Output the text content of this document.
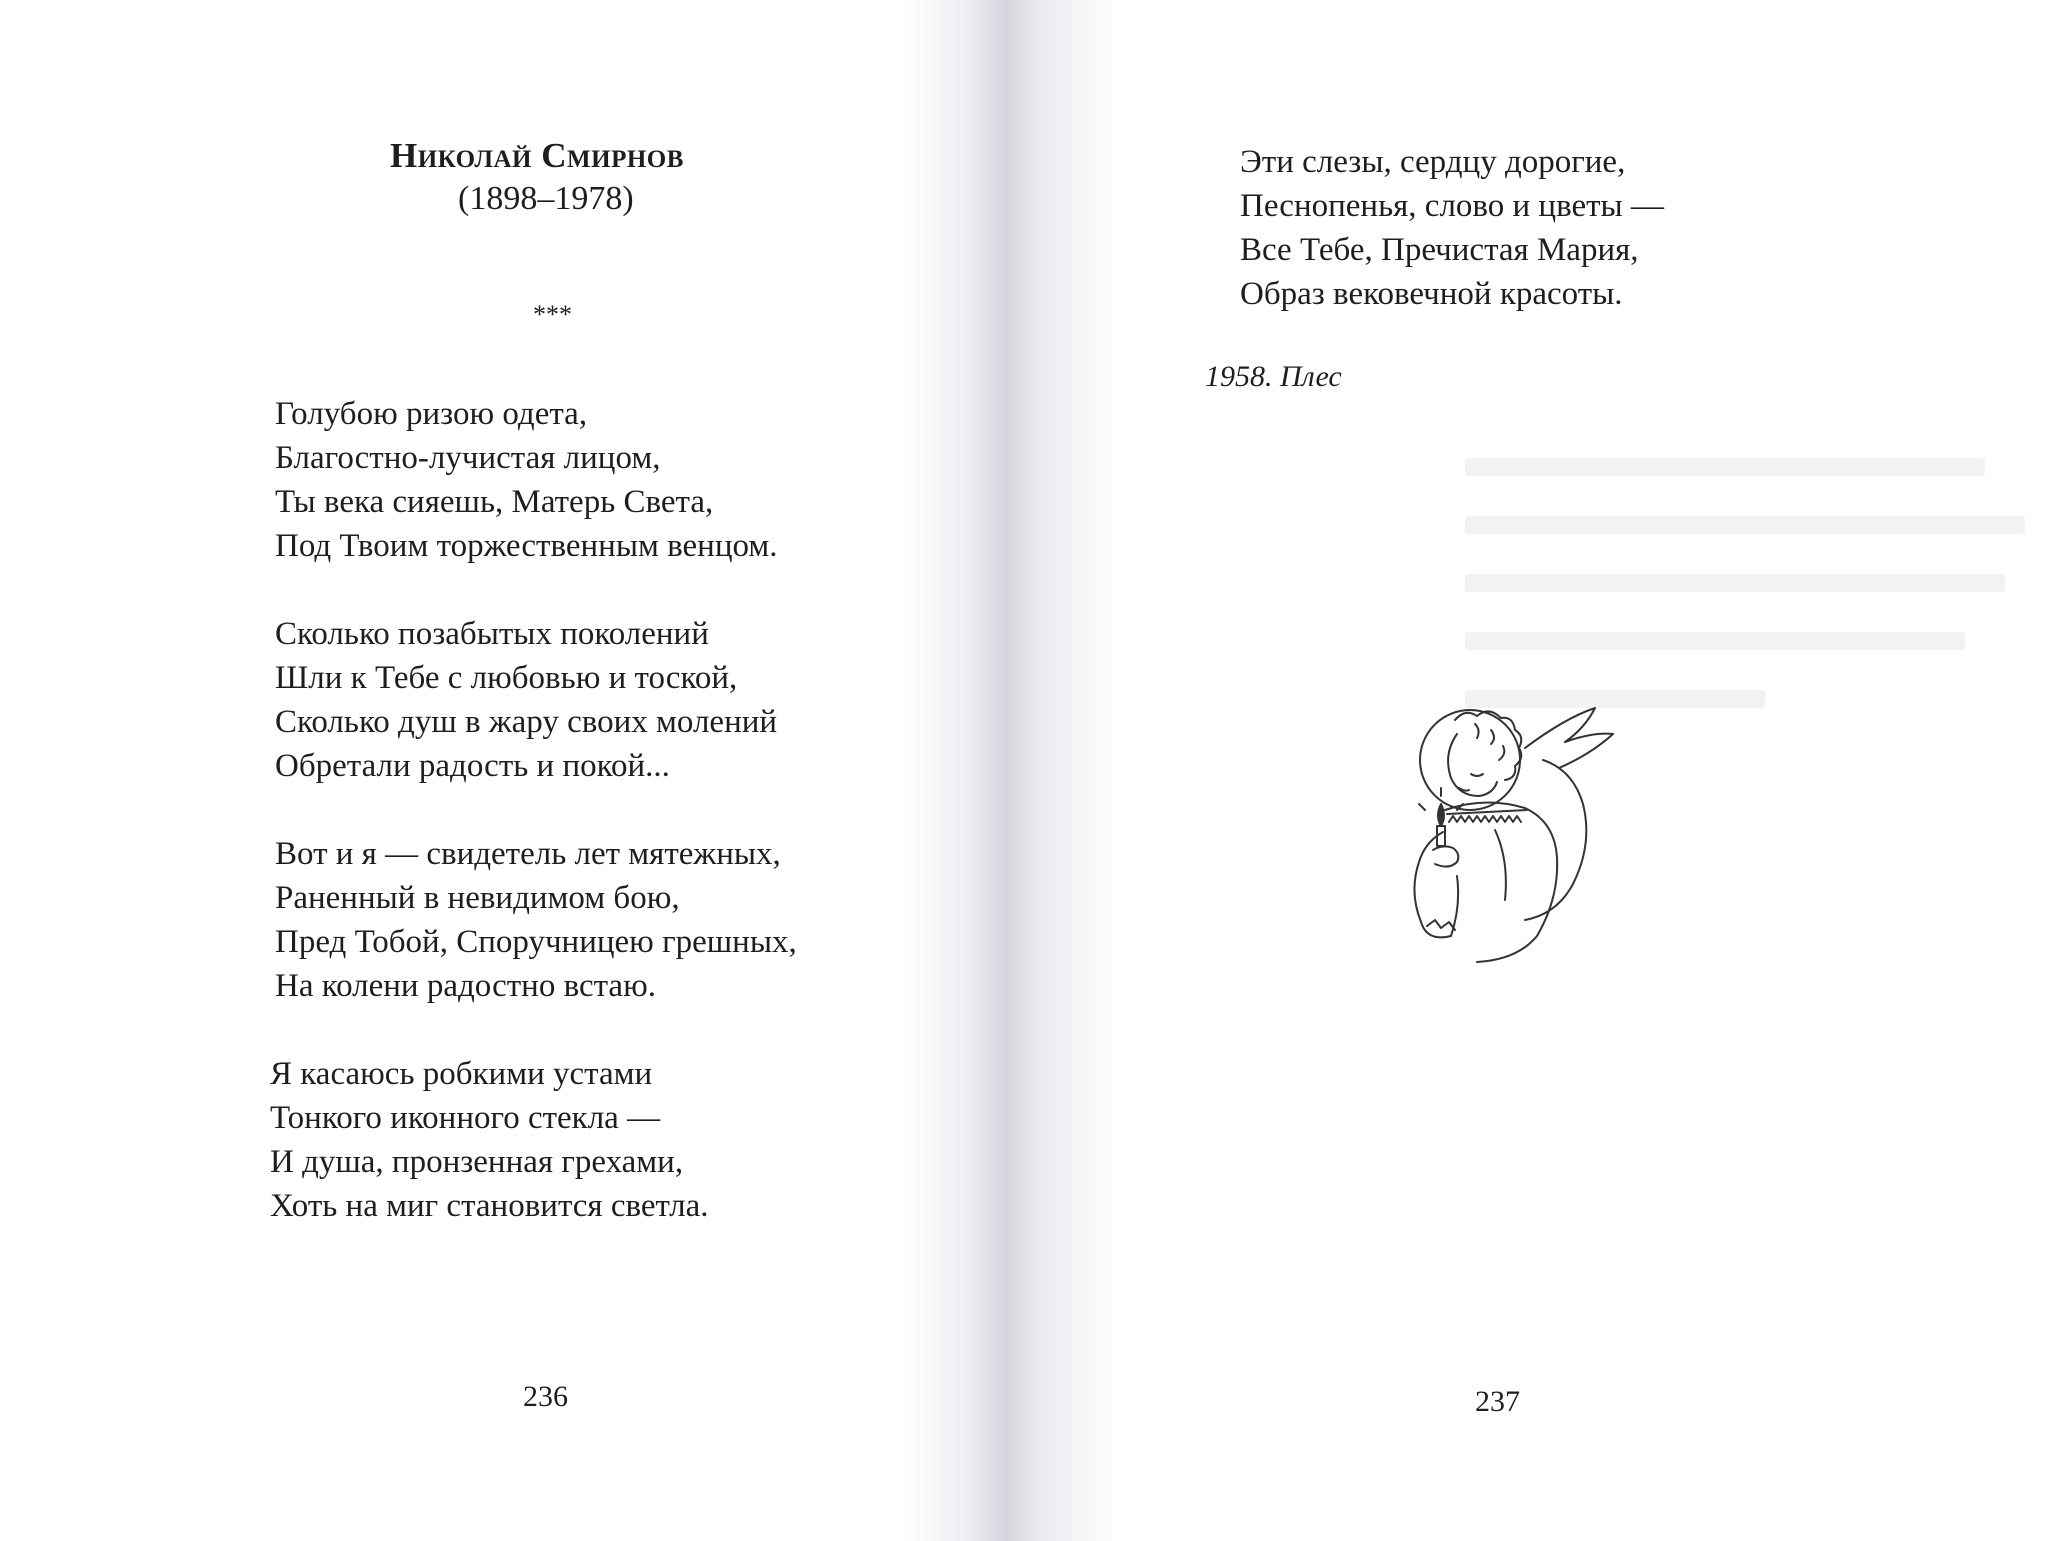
Николай Смирнов
(1898–1978)
***
Голубою ризою одета,
Благостно-лучистая лицом,
Ты века сияешь, Матерь Света,
Под Твоим торжественным венцом.
Сколько позабытых поколений
Шли к Тебе с любовью и тоской,
Сколько душ в жару своих молений
Обретали радость и покой...
Вот и я — свидетель лет мятежных,
Раненный в невидимом бою,
Пред Тобой, Споручницею грешных,
На колени радостно встаю.
Я касаюсь робкими устами
Тонкого иконного стекла —
И душа, пронзенная грехами,
Хоть на миг становится светла.
236
Эти слезы, сердцу дорогие,
Песнопенья, слово и цветы —
Все Тебе, Пречистая Мария,
Образ вековечной красоты.
1958. Плес
237
